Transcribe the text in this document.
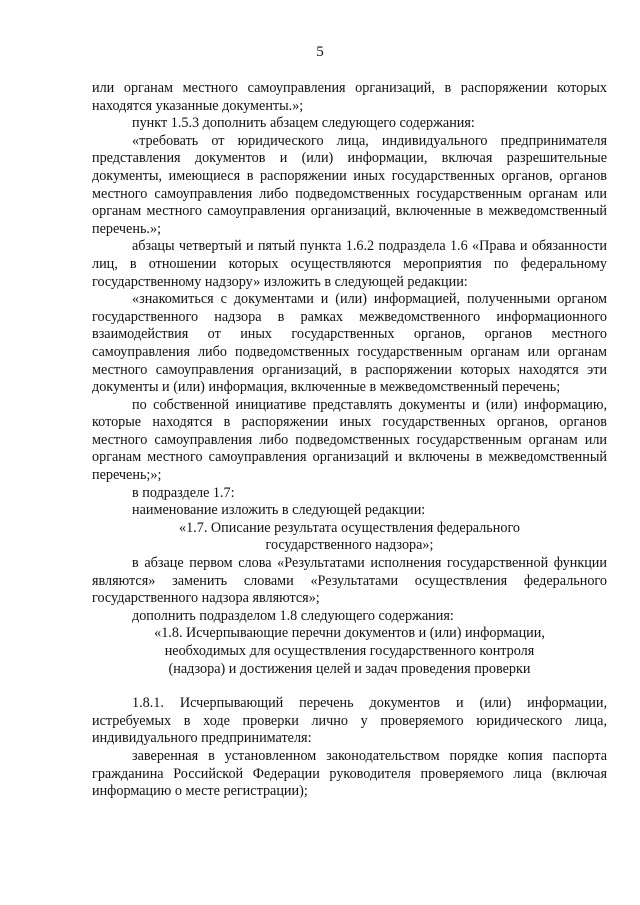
5

или органам местного самоуправления организаций, в распоряжении которых находятся указанные документы.»;

пункт 1.5.3 дополнить абзацем следующего содержания:

«требовать от юридического лица, индивидуального предпринимателя представления документов и (или) информации, включая разрешительные документы, имеющиеся в распоряжении иных государственных органов, органов местного самоуправления либо подведомственных государственным органам или органам местного самоуправления организаций, включенные в межведомственный перечень.»;

абзацы четвертый и пятый пункта 1.6.2 подраздела 1.6 «Права и обязанности лиц, в отношении которых осуществляются мероприятия по федеральному государственному надзору» изложить в следующей редакции:

«знакомиться с документами и (или) информацией, полученными органом государственного надзора в рамках межведомственного информационного взаимодействия от иных государственных органов, органов местного самоуправления либо подведомственных государственным органам или органам местного самоуправления организаций, в распоряжении которых находятся эти документы и (или) информация, включенные в межведомственный перечень;

по собственной инициативе представлять документы и (или) информацию, которые находятся в распоряжении иных государственных органов, органов местного самоуправления либо подведомственных государственным органам или органам местного самоуправления организаций и включены в межведомственный перечень;»;

в подразделе 1.7:

наименование изложить в следующей редакции:

«1.7. Описание результата осуществления федерального

государственного надзора»;

в абзаце первом слова «Результатами исполнения государственной функции являются» заменить словами «Результатами осуществления федерального государственного надзора являются»;

дополнить подразделом 1.8 следующего содержания:

«1.8. Исчерпывающие перечни документов и (или) информации,

необходимых для осуществления государственного контроля

(надзора) и достижения целей и задач проведения проверки

1.8.1. Исчерпывающий перечень документов и (или) информации, истребуемых в ходе проверки лично у проверяемого юридического лица, индивидуального предпринимателя:

заверенная в установленном законодательством порядке копия паспорта гражданина Российской Федерации руководителя проверяемого лица (включая информацию о месте регистрации);
